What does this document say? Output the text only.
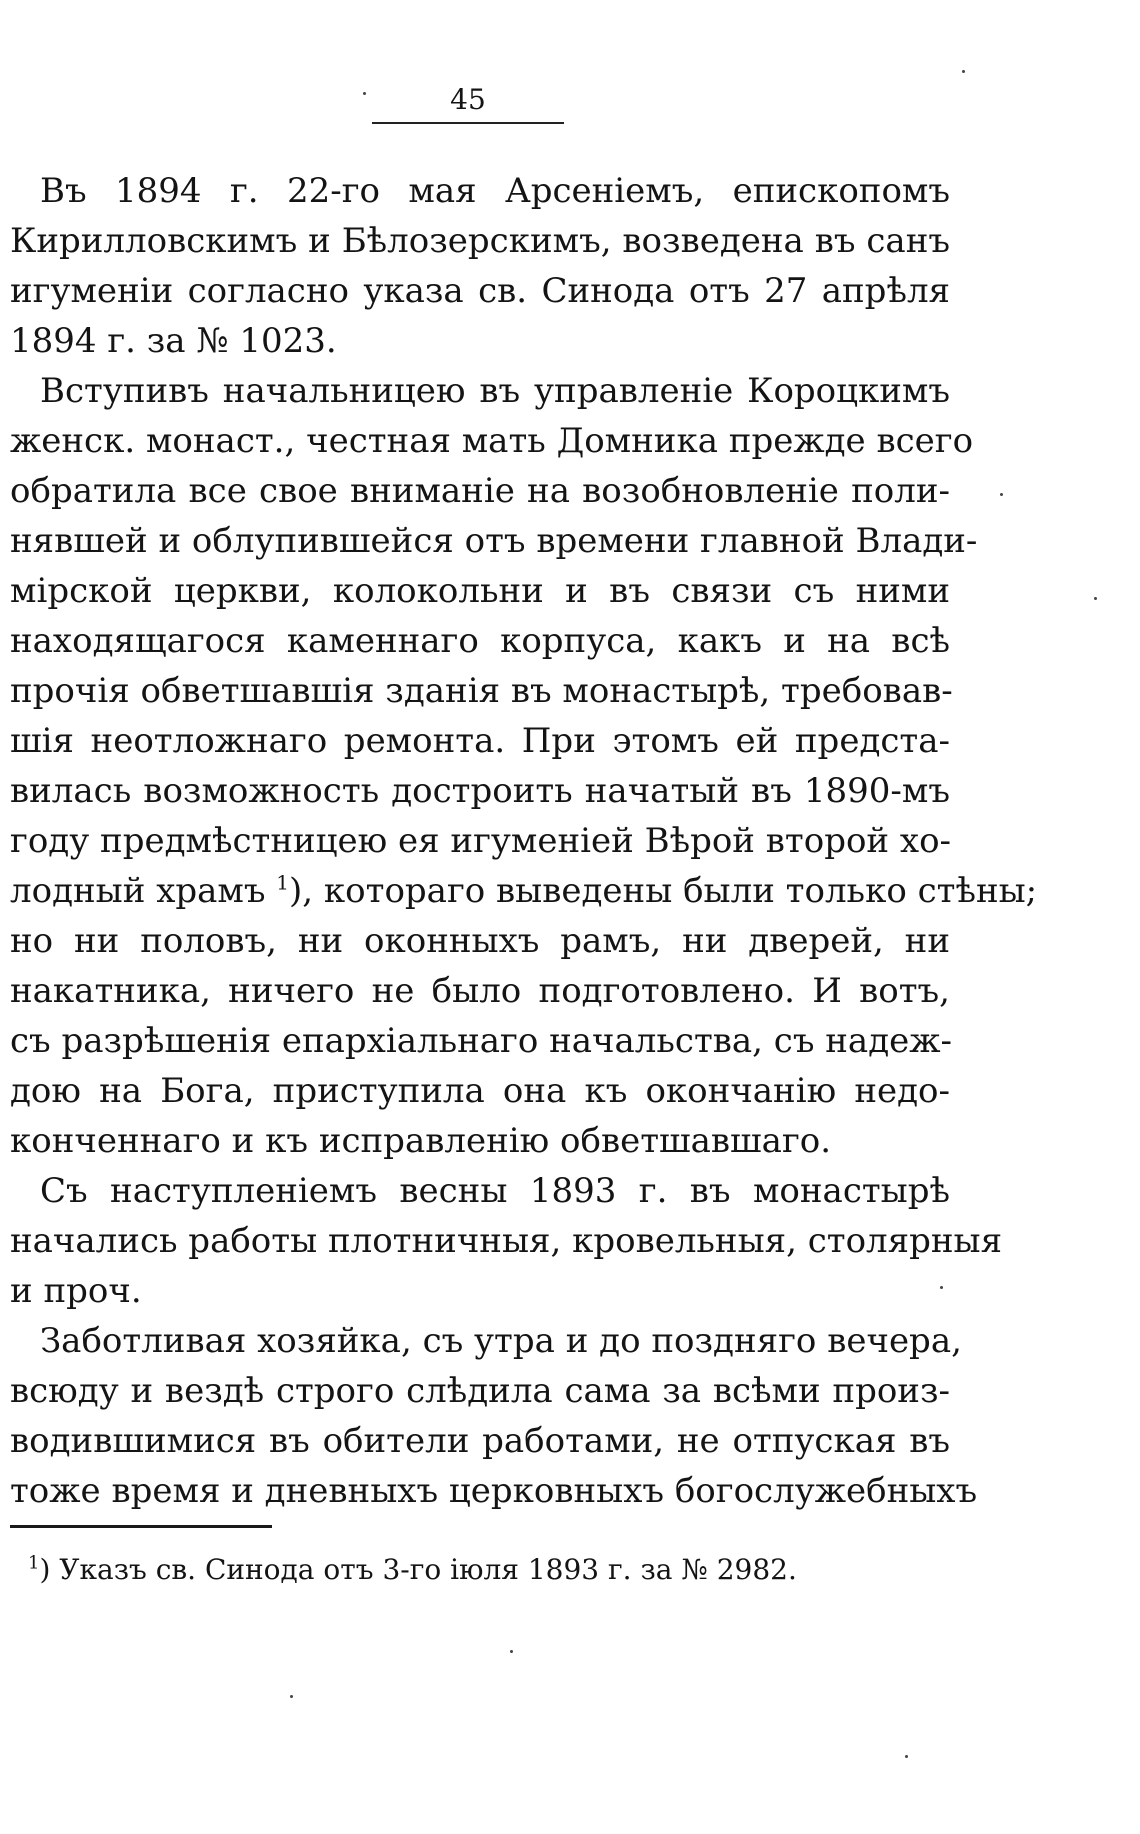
45
Въ 1894 г. 22-го мая Арсеніемъ, епископомъ
Кирилловскимъ и Бѣлозерскимъ, возведена въ санъ
игуменіи согласно указа св. Синода отъ 27 апрѣля
1894 г. за № 1023.
Вступивъ начальницею въ управленіе Короцкимъ
женск. монаст., честная мать Домника прежде всего
обратила все свое вниманіе на возобновленіе поли-
нявшей и облупившейся отъ времени главной Влади-
мірской церкви, колокольни и въ связи съ ними
находящагося каменнаго корпуса, какъ и на всѣ
прочія обветшавшія зданія въ монастырѣ, требовав-
шія неотложнаго ремонта. При этомъ ей предста-
вилась возможность достроить начатый въ 1890-мъ
году предмѣстницею ея игуменіей Вѣрой второй хо-
лодный храмъ $^1$), котораго выведены были только стѣны;
но ни половъ, ни оконныхъ рамъ, ни дверей, ни
накатника, ничего не было подготовлено. И вотъ,
съ разрѣшенія епархіальнаго начальства, съ надеж-
дою на Бога, приступила она къ окончанію недо-
конченнаго и къ исправленію обветшавшаго.
Съ наступленіемъ весны 1893 г. въ монастырѣ
начались работы плотничныя, кровельныя, столярныя
и проч.
Заботливая хозяйка, съ утра и до поздняго вечера,
всюду и вездѣ строго слѣдила сама за всѣми произ-
водившимися въ обители работами, не отпуская въ
тоже время и дневныхъ церковныхъ богослужебныхъ
$^1$) Указъ св. Синода отъ 3-го іюля 1893 г. за № 2982.
